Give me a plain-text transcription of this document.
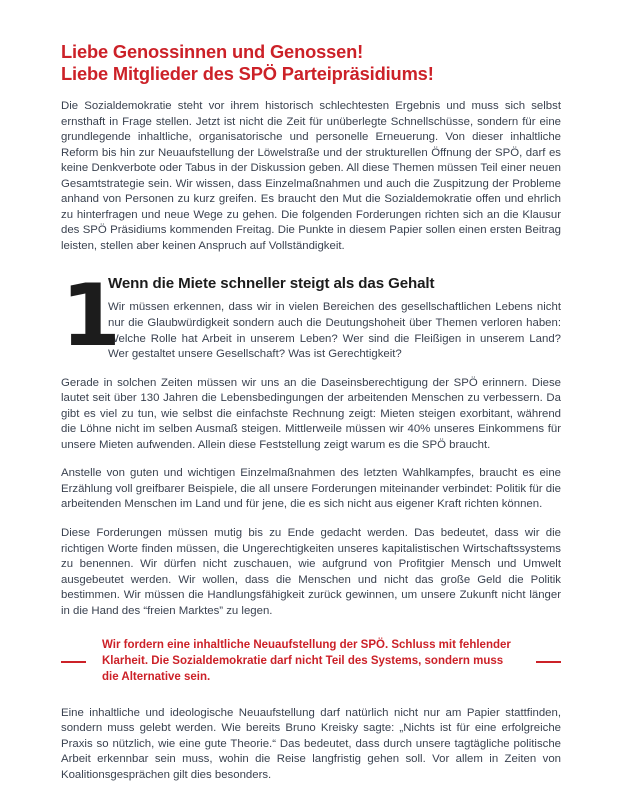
Liebe Genossinnen und Genossen!
Liebe Mitglieder des SPÖ Parteipräsidiums!

Die Sozialdemokratie steht vor ihrem historisch schlechtesten Ergebnis und muss sich selbst ernsthaft in Frage stellen. Jetzt ist nicht die Zeit für unüberlegte Schnellschüsse, sondern für eine grundlegende inhaltliche, organisatorische und personelle Erneuerung. Von dieser inhaltliche Reform bis hin zur Neuaufstellung der Löwelstraße und der strukturellen Öffnung der SPÖ, darf es keine Denkverbote oder Tabus in der Diskussion geben. All diese Themen müssen Teil einer neuen Gesamtstrategie sein. Wir wissen, dass Einzelmaßnahmen und auch die Zuspitzung der Probleme anhand von Personen zu kurz greifen. Es braucht den Mut die Sozialdemokratie offen und ehrlich zu hinterfragen und neue Wege zu gehen. Die folgenden Forderungen richten sich an die Klausur des SPÖ Präsidiums kommenden Freitag. Die Punkte in diesem Papier sollen einen ersten Beitrag leisten, stellen aber keinen Anspruch auf Vollständigkeit.

1
Wenn die Miete schneller steigt als das Gehalt

Wir müssen erkennen, dass wir in vielen Bereichen des gesellschaftlichen Lebens nicht nur die Glaubwürdigkeit sondern auch die Deutungshoheit über Themen verloren haben: Welche Rolle hat Arbeit in unserem Leben? Wer sind die Fleißigen in unserem Land? Wer gestaltet unsere Gesellschaft? Was ist Gerechtigkeit?

Gerade in solchen Zeiten müssen wir uns an die Daseinsberechtigung der SPÖ erinnern. Diese lautet seit über 130 Jahren die Lebensbedingungen der arbeitenden Menschen zu verbessern. Da gibt es viel zu tun, wie selbst die einfachste Rechnung zeigt: Mieten steigen exorbitant, während die Löhne nicht im selben Ausmaß steigen. Mittlerweile müssen wir 40% unseres Einkommens für unsere Mieten aufwenden. Allein diese Feststellung zeigt warum es die SPÖ braucht.

Anstelle von guten und wichtigen Einzelmaßnahmen des letzten Wahlkampfes, braucht es eine Erzählung voll greifbarer Beispiele, die all unsere Forderungen miteinander verbindet: Politik für die arbeitenden Menschen im Land und für jene, die es sich nicht aus eigener Kraft richten können.

Diese Forderungen müssen mutig bis zu Ende gedacht werden. Das bedeutet, dass wir die richtigen Worte finden müssen, die Ungerechtigkeiten unseres kapitalistischen Wirtschaftssystems zu benennen. Wir dürfen nicht zuschauen, wie aufgrund von Profitgier Mensch und Umwelt ausgebeutet werden. Wir wollen, dass die Menschen und nicht das große Geld die Politik bestimmen. Wir müssen die Handlungsfähigkeit zurück gewinnen, um unsere Zukunft nicht länger in die Hand des “freien Marktes” zu legen.

Wir fordern eine inhaltliche Neuaufstellung der SPÖ. Schluss mit fehlender Klarheit. Die Sozialdemokratie darf nicht Teil des Systems, sondern muss die Alternative sein.

Eine inhaltliche und ideologische Neuaufstellung darf natürlich nicht nur am Papier stattfinden, sondern muss gelebt werden. Wie bereits Bruno Kreisky sagte: „Nichts ist für eine erfolgreiche Praxis so nützlich, wie eine gute Theorie.“ Das bedeutet, dass durch unsere tagtägliche politische Arbeit erkennbar sein muss, wohin die Reise langfristig gehen soll. Vor allem in Zeiten von Koalitionsgesprächen gilt dies besonders.
